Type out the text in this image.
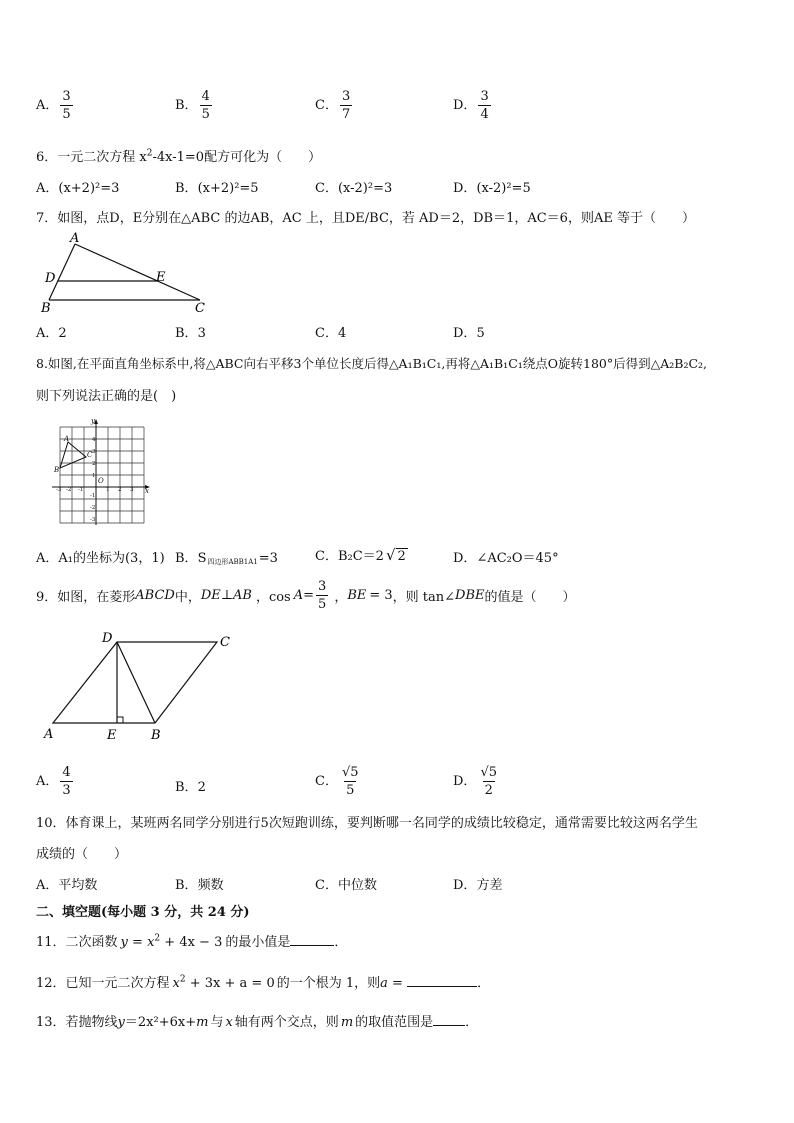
A． $\frac{3}{5}$	B． $\frac{4}{5}$	C． $\frac{3}{7}$	D． $\frac{3}{4}$
6．一元二次方程 $x^2-4x-1=0$配方可化为（　　）
A．(x+2)²=3	B．(x+2)²=5	C．(x-2)²=3	D．(x-2)²=5
7．如图，点D，E分别在△ABC 的边AB，AC 上，且DE/BC，若 AD＝2，DB＝1，AC＝6，则AE 等于（　　）
A
D	E
B	C
A．2	B．3	C．4	D．5
8.如图,在平面直角坐标系中,将△ABC向右平移3个单位长度后得△A₁B₁C₁,再将△A₁B₁C₁绕点O旋转180°后得到△A₂B₂C₂,
则下列说法正确的是(　)
-3 -2 -1	1 2 3
4
3
2
1
-1
-2
-3
x
y
O
A
C
B
A．A₁的坐标为(3，1) B．S四边形ABB1A1=3	C．B₂C＝2 √ 2	D．∠AC₂O＝45°
9．如图，在菱形 ABCD 中， DE⊥AB ，$\cos A = \frac{3}{5}$ ， BE = 3 ，则 tan∠ DBE 的值是（　　）
D	C
A	E	B
A． $\frac{4}{3}$	B．2	C． $\frac{√5}{5}$	D． $\frac{√5}{2}$
10．体育课上，某班两名同学分别进行5次短跑训练，要判断哪一名同学的成绩比较稳定，通常需要比较这两名学生
成绩的（　　）
A．平均数	B．频数	C．中位数	D．方差
二、填空题(每小题 3 分，共 24 分)
11．二次函数 $y = x^2 + 4x - 3$ 的最小值是	．
12．已知一元二次方程 $x^2 + 3x + a = 0$ 的一个根为 1，则a =	．
13．若抛物线y＝2x²+6x+m 与 x 轴有两个交点，则 m 的取值范围是 ．
